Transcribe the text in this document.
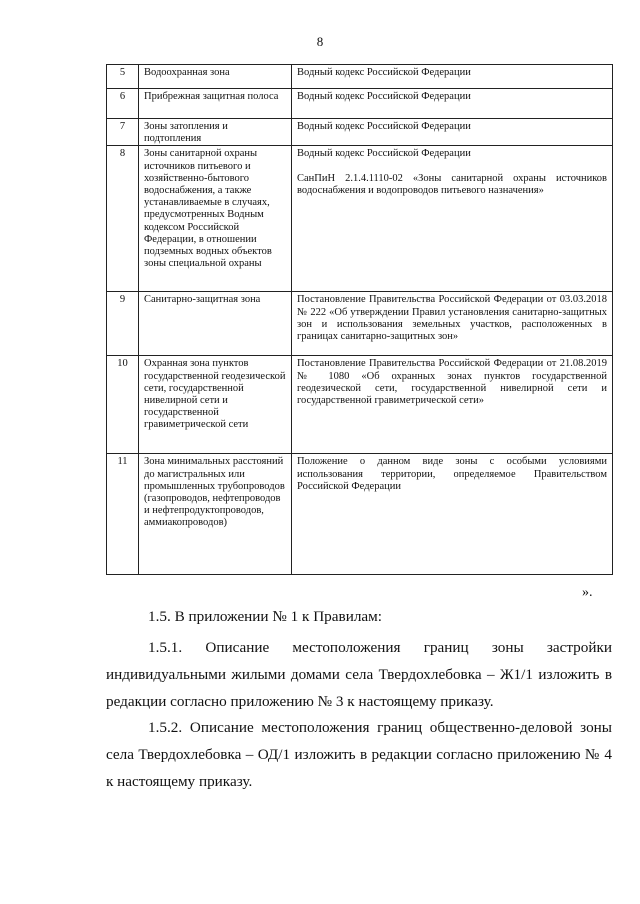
8
5	Водоохранная зона	Водный кодекс Российской Федерации

6	Прибрежная защитная полоса	Водный кодекс Российской Федерации

7	Зоны затопления и подтопления	Водный кодекс Российской Федерации

8	Зоны санитарной охраны источников питьевого и хозяйственно-бытового водоснабжения, а также устанавливаемые в случаях, предусмотренных Водным кодексом Российской Федерации, в отношении подземных водных объектов зоны специальной охраны	Водный кодекс Российской Федерации
СанПиН 2.1.4.1110-02 «Зоны санитарной охраны источников водоснабжения и водопроводов питьевого назначения»

9	Санитарно-защитная зона	Постановление Правительства Российской Федерации от 03.03.2018 № 222 «Об утверждении Правил установления санитарно-защитных зон и использования земельных участков, расположенных в границах санитарно-защитных зон»

10	Охранная зона пунктов государственной геодезической сети, государственной нивелирной сети и государственной гравиметрической сети	Постановление Правительства Российской Федерации от 21.08.2019 № 1080 «Об охранных зонах пунктов государственной геодезической сети, государственной нивелирной сети и государственной гравиметрической сети»

11	Зона минимальных расстояний до магистральных или промышленных трубопроводов (газопроводов, нефтепроводов и нефтепродуктопроводов, аммиакопроводов)	Положение о данном виде зоны с особыми условиями использования территории, определяемое Правительством Российской Федерации
».

1.5. В приложении № 1 к Правилам:

1.5.1. Описание местоположения границ зоны застройки индивидуальными жилыми домами села Твердохлебовка – Ж1/1 изложить в редакции согласно приложению № 3 к настоящему приказу.

1.5.2. Описание местоположения границ общественно-деловой зоны села Твердохлебовка – ОД/1 изложить в редакции согласно приложению № 4 к настоящему приказу.
